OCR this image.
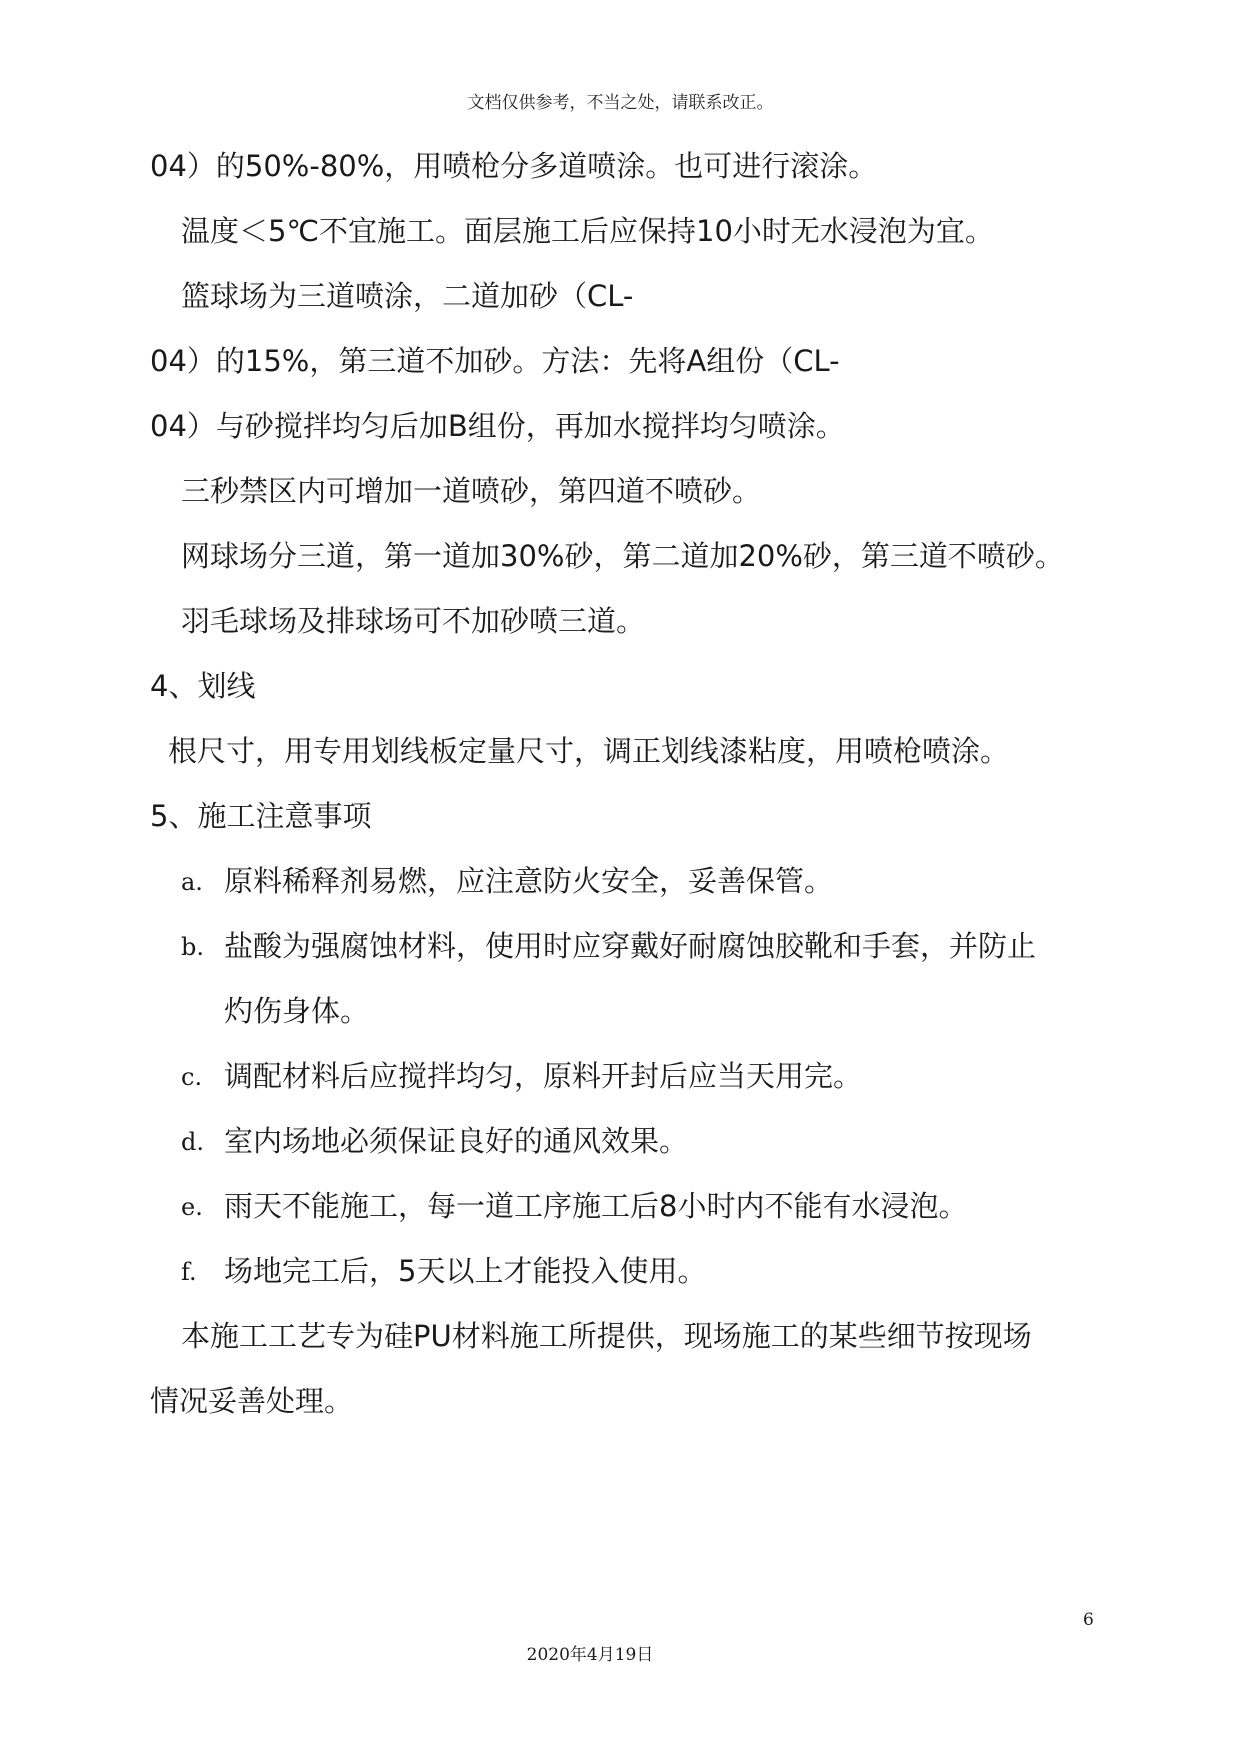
文档仅供参考，不当之处，请联系改正。
04）的50%-80%，用喷枪分多道喷涂。也可进行滚涂。
温度＜5℃不宜施工。面层施工后应保持10小时无水浸泡为宜。
篮球场为三道喷涂，二道加砂（CL-
04）的15%，第三道不加砂。方法：先将A组份（CL-
04）与砂搅拌均匀后加B组份，再加水搅拌均匀喷涂。
三秒禁区内可增加一道喷砂，第四道不喷砂。
网球场分三道，第一道加30%砂，第二道加20%砂，第三道不喷砂。
羽毛球场及排球场可不加砂喷三道。
4、划线
根尺寸，用专用划线板定量尺寸，调正划线漆粘度，用喷枪喷涂。
5、施工注意事项
a. 原料稀释剂易燃，应注意防火安全，妥善保管。
b. 盐酸为强腐蚀材料，使用时应穿戴好耐腐蚀胶靴和手套，并防止
灼伤身体。
c. 调配材料后应搅拌均匀，原料开封后应当天用完。
d. 室内场地必须保证良好的通风效果。
e. 雨天不能施工，每一道工序施工后8小时内不能有水浸泡。
f. 场地完工后，5天以上才能投入使用。
本施工工艺专为硅PU材料施工所提供，现场施工的某些细节按现场
情况妥善处理。
6
2020年4月19日
